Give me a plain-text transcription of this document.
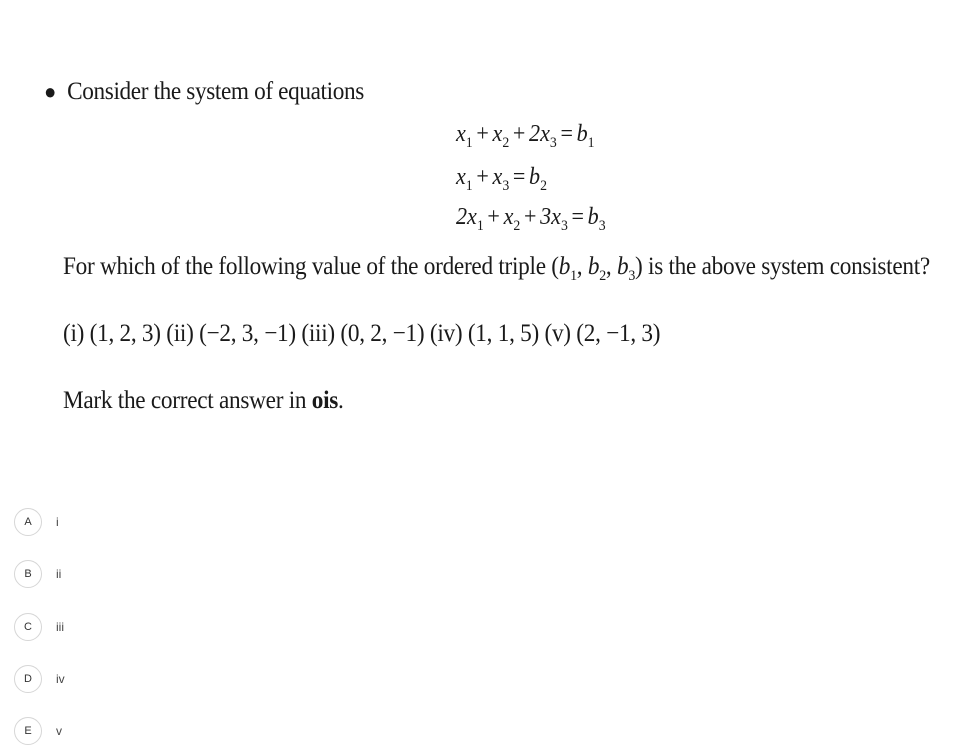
● Consider the system of equations
$x_1 + x_2 + 2x_3 = b_1$
$x_1 + x_3 = b_2$
$2x_1 + x_2 + 3x_3 = b_3$
For which of the following value of the ordered triple ($b_1$, $b_2$, $b_3$) is the above system consistent?
(i) (1, 2, 3) (ii) (−2, 3, −1) (iii) (0, 2, −1) (iv) (1, 1, 5) (v) (2, −1, 3)
Mark the correct answer in ois.
A	i
B	ii
C	iii
D	iv
E	v
